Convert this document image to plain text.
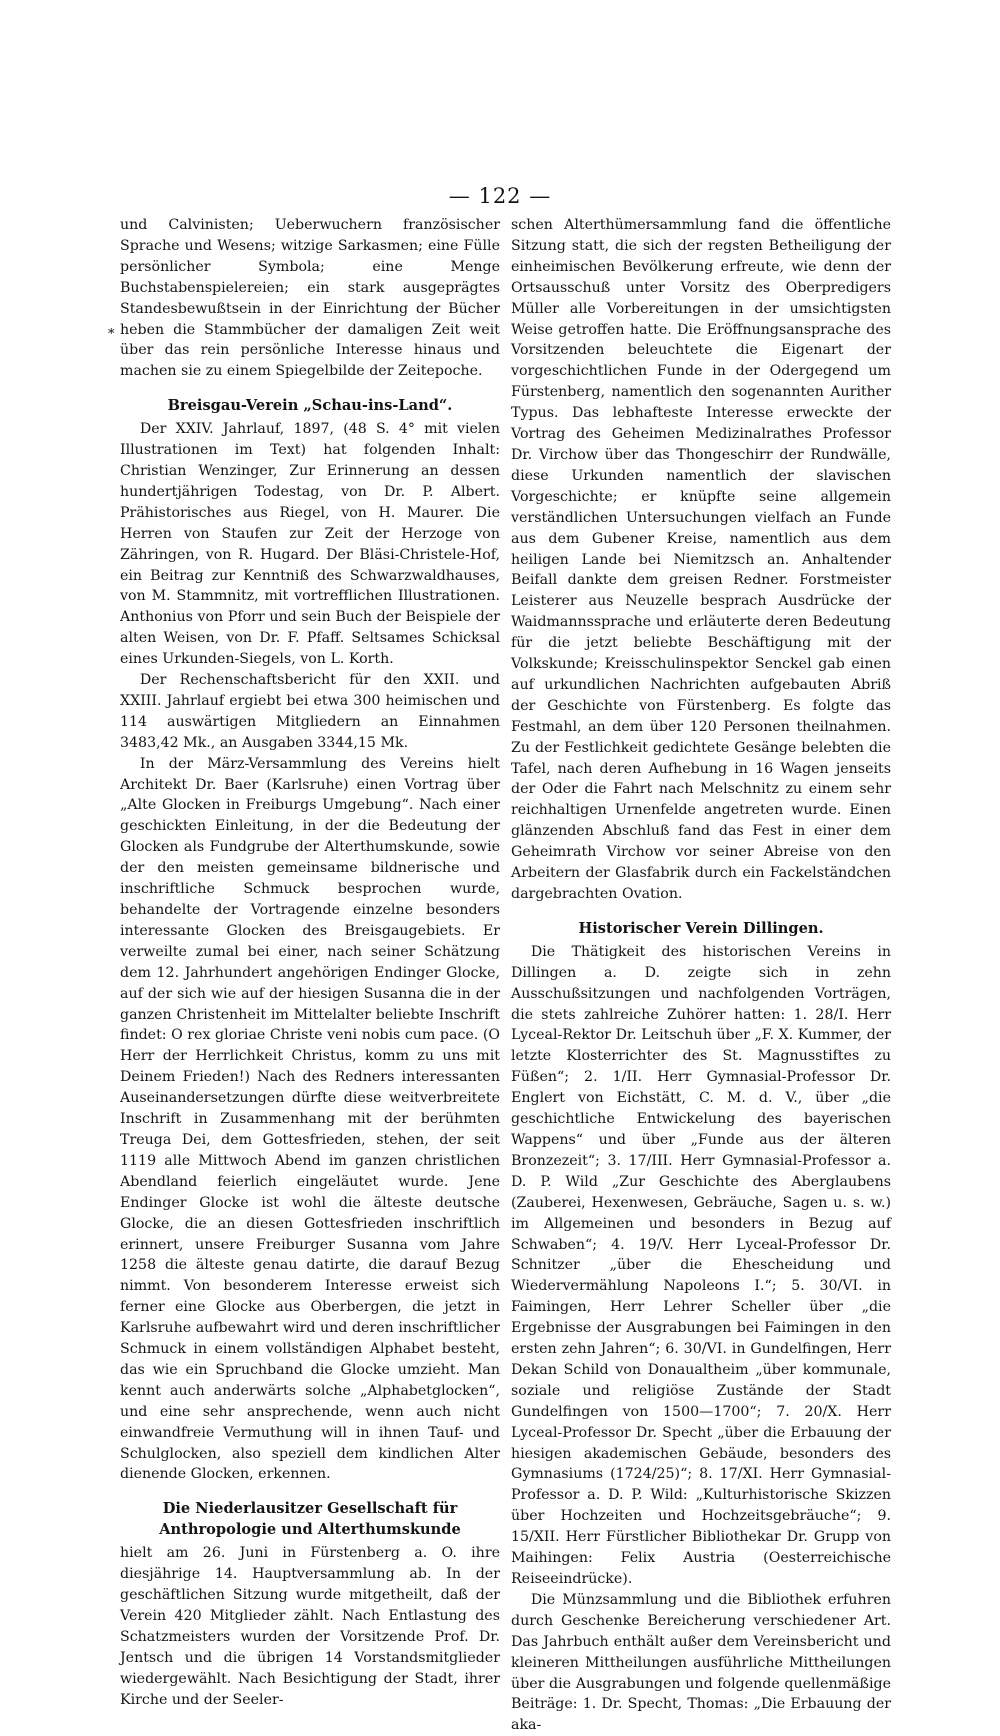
— 122 —
*

und Calvinisten; Ueberwuchern französischer Sprache und Wesens; witzige Sarkasmen; eine Fülle persönlicher Symbola; eine Menge Buchstabenspielereien; ein stark ausgeprägtes Standesbewußtsein in der Einrichtung der Bücher heben die Stammbücher der damaligen Zeit weit über das rein persönliche Interesse hinaus und machen sie zu einem Spiegelbilde der Zeitepoche.

Breisgau-Verein „Schau-ins-Land“.

Der XXIV. Jahrlauf, 1897, (48 S. 4° mit vielen Illustrationen im Text) hat folgenden Inhalt: Christian Wenzinger, Zur Erinnerung an dessen hundertjährigen Todestag, von Dr. P. Albert. Prähistorisches aus Riegel, von H. Maurer. Die Herren von Staufen zur Zeit der Herzoge von Zähringen, von R. Hugard. Der Bläsi-Christele-Hof, ein Beitrag zur Kenntniß des Schwarzwaldhauses, von M. Stammnitz, mit vortrefflichen Illustrationen. Anthonius von Pforr und sein Buch der Beispiele der alten Weisen, von Dr. F. Pfaff. Seltsames Schicksal eines Urkunden-Siegels, von L. Korth.

Der Rechenschaftsbericht für den XXII. und XXIII. Jahrlauf ergiebt bei etwa 300 heimischen und 114 auswärtigen Mitgliedern an Einnahmen 3483,42 Mk., an Ausgaben 3344,15 Mk.

In der März-Versammlung des Vereins hielt Architekt Dr. Baer (Karlsruhe) einen Vortrag über „Alte Glocken in Freiburgs Umgebung“. Nach einer geschickten Einleitung, in der die Bedeutung der Glocken als Fundgrube der Alterthumskunde, sowie der den meisten gemeinsame bildnerische und inschriftliche Schmuck besprochen wurde, behandelte der Vortragende einzelne besonders interessante Glocken des Breisgaugebiets. Er verweilte zumal bei einer, nach seiner Schätzung dem 12. Jahrhundert angehörigen Endinger Glocke, auf der sich wie auf der hiesigen Susanna die in der ganzen Christenheit im Mittelalter beliebte Inschrift findet: O rex gloriae Christe veni nobis cum pace. (O Herr der Herrlichkeit Christus, komm zu uns mit Deinem Frieden!) Nach des Redners interessanten Auseinandersetzungen dürfte diese weitverbreitete Inschrift in Zusammenhang mit der berühmten Treuga Dei, dem Gottesfrieden, stehen, der seit 1119 alle Mittwoch Abend im ganzen christlichen Abendland feierlich eingeläutet wurde. Jene Endinger Glocke ist wohl die älteste deutsche Glocke, die an diesen Gottesfrieden inschriftlich erinnert, unsere Freiburger Susanna vom Jahre 1258 die älteste genau datirte, die darauf Bezug nimmt. Von besonderem Interesse erweist sich ferner eine Glocke aus Oberbergen, die jetzt in Karlsruhe aufbewahrt wird und deren inschriftlicher Schmuck in einem vollständigen Alphabet besteht, das wie ein Spruchband die Glocke umzieht. Man kennt auch anderwärts solche „Alphabetglocken“, und eine sehr ansprechende, wenn auch nicht einwandfreie Vermuthung will in ihnen Tauf- und Schulglocken, also speziell dem kindlichen Alter dienende Glocken, erkennen.

Die Niederlausitzer Gesellschaft für Anthropologie und Alterthumskunde

hielt am 26. Juni in Fürstenberg a. O. ihre diesjährige 14. Hauptversammlung ab. In der geschäftlichen Sitzung wurde mitgetheilt, daß der Verein 420 Mitglieder zählt. Nach Entlastung des Schatzmeisters wurden der Vorsitzende Prof. Dr. Jentsch und die übrigen 14 Vorstandsmitglieder wiedergewählt. Nach Besichtigung der Stadt, ihrer Kirche und der Seeler-

schen Alterthümersammlung fand die öffentliche Sitzung statt, die sich der regsten Betheiligung der einheimischen Bevölkerung erfreute, wie denn der Ortsausschuß unter Vorsitz des Oberpredigers Müller alle Vorbereitungen in der umsichtigsten Weise getroffen hatte. Die Eröffnungsansprache des Vorsitzenden beleuchtete die Eigenart der vorgeschichtlichen Funde in der Odergegend um Fürstenberg, namentlich den sogenannten Aurither Typus. Das lebhafteste Interesse erweckte der Vortrag des Geheimen Medizinalrathes Professor Dr. Virchow über das Thongeschirr der Rundwälle, diese Urkunden namentlich der slavischen Vorgeschichte; er knüpfte seine allgemein verständlichen Untersuchungen vielfach an Funde aus dem Gubener Kreise, namentlich aus dem heiligen Lande bei Niemitzsch an. Anhaltender Beifall dankte dem greisen Redner. Forstmeister Leisterer aus Neuzelle besprach Ausdrücke der Waidmannssprache und erläuterte deren Bedeutung für die jetzt beliebte Beschäftigung mit der Volkskunde; Kreisschulinspektor Senckel gab einen auf urkundlichen Nachrichten aufgebauten Abriß der Geschichte von Fürstenberg. Es folgte das Festmahl, an dem über 120 Personen theilnahmen. Zu der Festlichkeit gedichtete Gesänge belebten die Tafel, nach deren Aufhebung in 16 Wagen jenseits der Oder die Fahrt nach Melschnitz zu einem sehr reichhaltigen Urnenfelde angetreten wurde. Einen glänzenden Abschluß fand das Fest in einer dem Geheimrath Virchow vor seiner Abreise von den Arbeitern der Glasfabrik durch ein Fackelständchen dargebrachten Ovation.

Historischer Verein Dillingen.

Die Thätigkeit des historischen Vereins in Dillingen a. D. zeigte sich in zehn Ausschußsitzungen und nachfolgenden Vorträgen, die stets zahlreiche Zuhörer hatten: 1. 28/I. Herr Lyceal-Rektor Dr. Leitschuh über „F. X. Kummer, der letzte Klosterrichter des St. Magnusstiftes zu Füßen“; 2. 1/II. Herr Gymnasial-Professor Dr. Englert von Eichstätt, C. M. d. V., über „die geschichtliche Entwickelung des bayerischen Wappens“ und über „Funde aus der älteren Bronzezeit“; 3. 17/III. Herr Gymnasial-Professor a. D. P. Wild „Zur Geschichte des Aberglaubens (Zauberei, Hexenwesen, Gebräuche, Sagen u. s. w.) im Allgemeinen und besonders in Bezug auf Schwaben“; 4. 19/V. Herr Lyceal-Professor Dr. Schnitzer „über die Ehescheidung und Wiedervermählung Napoleons I.“; 5. 30/VI. in Faimingen, Herr Lehrer Scheller über „die Ergebnisse der Ausgrabungen bei Faimingen in den ersten zehn Jahren“; 6. 30/VI. in Gundelfingen, Herr Dekan Schild von Donaualtheim „über kommunale, soziale und religiöse Zustände der Stadt Gundelfingen von 1500—1700“; 7. 20/X. Herr Lyceal-Professor Dr. Specht „über die Erbauung der hiesigen akademischen Gebäude, besonders des Gymnasiums (1724/25)“; 8. 17/XI. Herr Gymnasial-Professor a. D. P. Wild: „Kulturhistorische Skizzen über Hochzeiten und Hochzeitsgebräuche“; 9. 15/XII. Herr Fürstlicher Bibliothekar Dr. Grupp von Maihingen: Felix Austria (Oesterreichische Reiseeindrücke).

Die Münzsammlung und die Bibliothek erfuhren durch Geschenke Bereicherung verschiedener Art. Das Jahrbuch enthält außer dem Vereinsbericht und kleineren Mittheilungen ausführliche Mittheilungen über die Ausgrabungen und folgende quellenmäßige Beiträge: 1. Dr. Specht, Thomas: „Die Erbauung der aka-
